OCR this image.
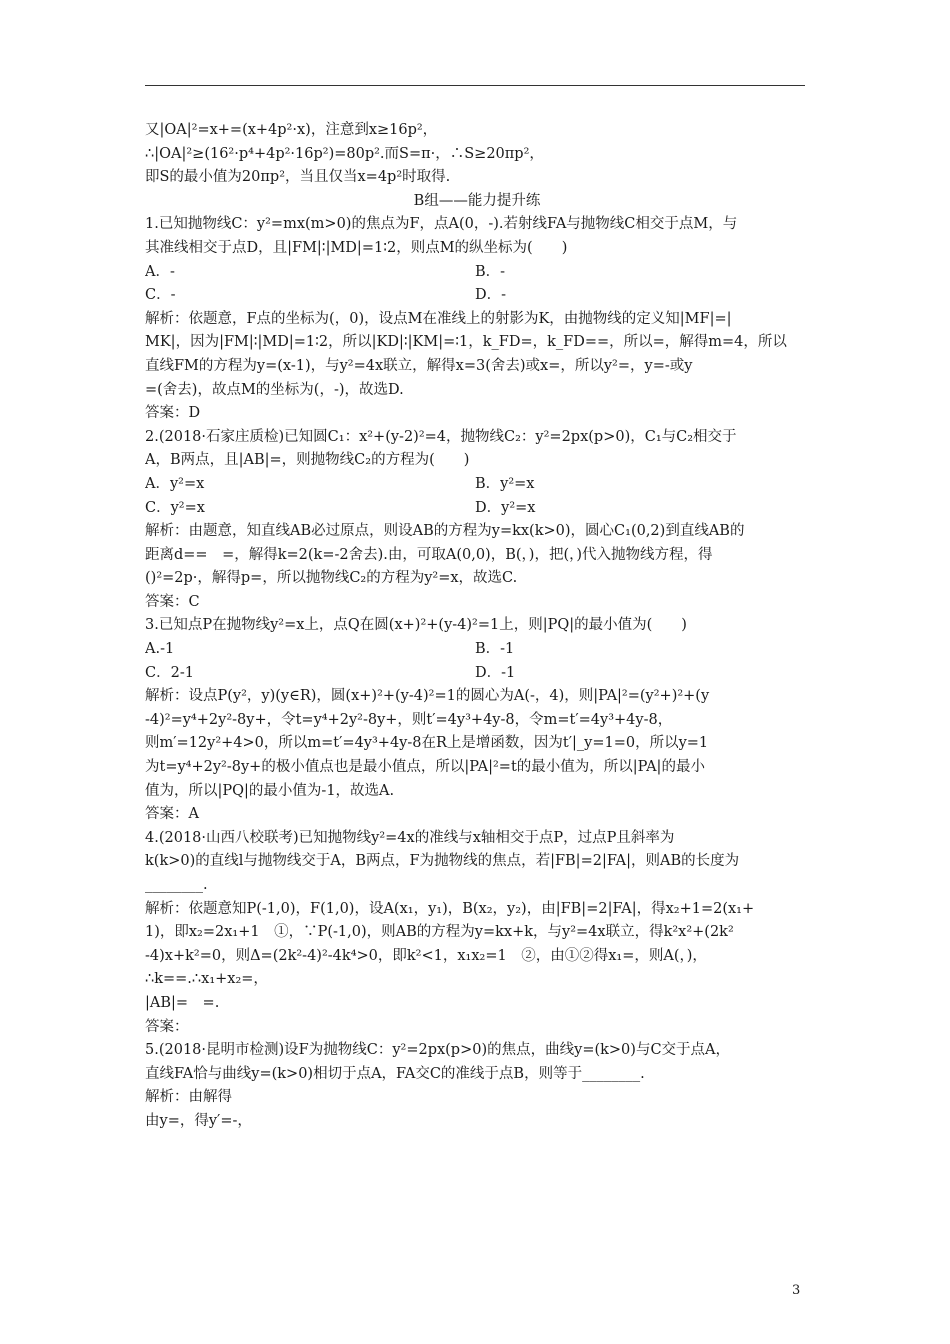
又|OA|²=x+=(x+4p²·x)，注意到x≥16p²，
∴|OA|²≥(16²·p⁴+4p²·16p²)=80p².而S=π·，∴S≥20πp²，
即S的最小值为20πp²，当且仅当x=4p²时取得.
B组——能力提升练
1.已知抛物线C：y²=mx(m>0)的焦点为F，点A(0，-).若射线FA与抛物线C相交于点M，与
其准线相交于点D，且|FM|∶|MD|=1∶2，则点M的纵坐标为(　　)
A．-	B．-
C．-	D．-
解析：依题意，F点的坐标为(，0)，设点M在准线上的射影为K，由抛物线的定义知|MF|=|
MK|，因为|FM|∶|MD|=1∶2，所以|KD|∶|KM|=∶1，k_FD=，k_FD==，所以=，解得m=4，所以
直线FM的方程为y=(x-1)，与y²=4x联立，解得x=3(舍去)或x=，所以y²=，y=-或y
=(舍去)，故点M的坐标为(，-)，故选D.
答案：D
2.(2018·石家庄质检)已知圆C₁：x²+(y-2)²=4，抛物线C₂：y²=2px(p>0)，C₁与C₂相交于
A，B两点，且|AB|=，则抛物线C₂的方程为(　　)
A．y²=x	B．y²=x
C．y²=x	D．y²=x
解析：由题意，知直线AB必过原点，则设AB的方程为y=kx(k>0)，圆心C₁(0,2)到直线AB的
距离d==　=，解得k=2(k=-2舍去).由，可取A(0,0)，B(，)，把(，)代入抛物线方程，得
()²=2p·，解得p=，所以抛物线C₂的方程为y²=x，故选C.
答案：C
3.已知点P在抛物线y²=x上，点Q在圆(x+)²+(y-4)²=1上，则|PQ|的最小值为(　　)
A.-1	B．-1
C．2-1	D．-1
解析：设点P(y²，y)(y∈R)，圆(x+)²+(y-4)²=1的圆心为A(-，4)，则|PA|²=(y²+)²+(y
-4)²=y⁴+2y²-8y+，令t=y⁴+2y²-8y+，则t′=4y³+4y-8，令m=t′=4y³+4y-8，
则m′=12y²+4>0，所以m=t′=4y³+4y-8在R上是增函数，因为t′|_y=1=0，所以y=1
为t=y⁴+2y²-8y+的极小值点也是最小值点，所以|PA|²=t的最小值为，所以|PA|的最小
值为，所以|PQ|的最小值为-1，故选A.
答案：A
4.(2018·山西八校联考)已知抛物线y²=4x的准线与x轴相交于点P，过点P且斜率为
k(k>0)的直线l与抛物线交于A，B两点，F为抛物线的焦点，若|FB|=2|FA|，则AB的长度为
________.
解析：依题意知P(-1,0)，F(1,0)，设A(x₁，y₁)，B(x₂，y₂)，由|FB|=2|FA|，得x₂+1=2(x₁+
1)，即x₂=2x₁+1　①，∵P(-1,0)，则AB的方程为y=kx+k，与y²=4x联立，得k²x²+(2k²
-4)x+k²=0，则Δ=(2k²-4)²-4k⁴>0，即k²<1，x₁x₂=1　②，由①②得x₁=，则A(，)，
∴k==.∴x₁+x₂=，
|AB|=　=.
答案：
5.(2018·昆明市检测)设F为抛物线C：y²=2px(p>0)的焦点，曲线y=(k>0)与C交于点A，
直线FA恰与曲线y=(k>0)相切于点A，FA交C的准线于点B，则等于________.
解析：由解得
由y=，得y′=-，
3
